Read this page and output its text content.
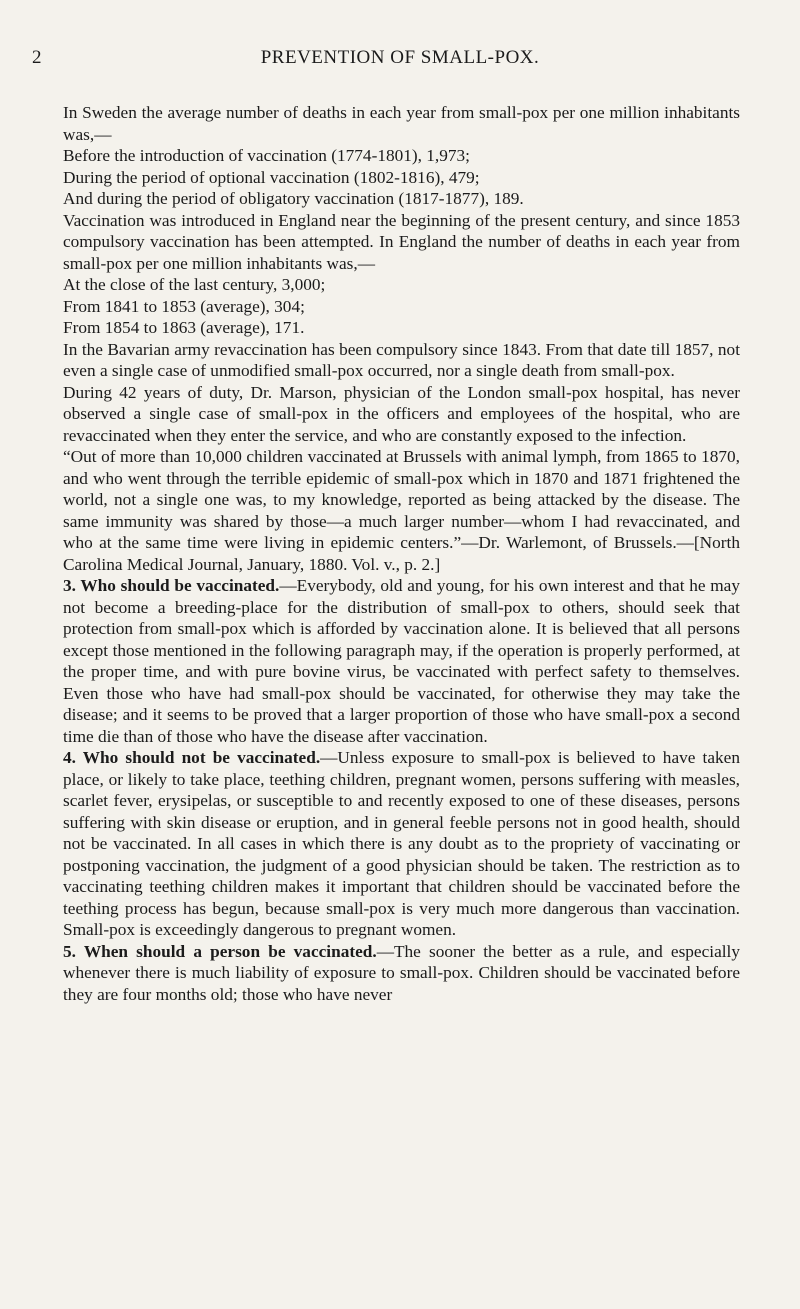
2	PREVENTION OF SMALL-POX.

In Sweden the average number of deaths in each year from small-pox per one million inhabitants was,—

Before the introduction of vaccination (1774-1801), 1,973;

During the period of optional vaccination (1802-1816), 479;

And during the period of obligatory vaccination (1817-1877), 189.

Vaccination was introduced in England near the beginning of the present century, and since 1853 compulsory vaccination has been attempted. In England the number of deaths in each year from small-pox per one million inhabitants was,—

At the close of the last century, 3,000;

From 1841 to 1853 (average), 304;

From 1854 to 1863 (average), 171.

In the Bavarian army revaccination has been compulsory since 1843. From that date till 1857, not even a single case of unmodified small-pox occurred, nor a single death from small-pox.

During 42 years of duty, Dr. Marson, physician of the London small-pox hospital, has never observed a single case of small-pox in the officers and employees of the hospital, who are revaccinated when they enter the service, and who are constantly exposed to the infection.

“Out of more than 10,000 children vaccinated at Brussels with animal lymph, from 1865 to 1870, and who went through the terrible epidemic of small-pox which in 1870 and 1871 frightened the world, not a single one was, to my knowledge, reported as being attacked by the disease. The same immunity was shared by those—a much larger number—whom I had revaccinated, and who at the same time were living in epidemic centers.”—Dr. Warlemont, of Brussels.—[North Carolina Medical Journal, January, 1880. Vol. v., p. 2.]

3. Who should be vaccinated.—Everybody, old and young, for his own interest and that he may not become a breeding-place for the distribution of small-pox to others, should seek that protection from small-pox which is afforded by vaccination alone. It is believed that all persons except those mentioned in the following paragraph may, if the operation is properly performed, at the proper time, and with pure bovine virus, be vaccinated with perfect safety to themselves. Even those who have had small-pox should be vaccinated, for otherwise they may take the disease; and it seems to be proved that a larger proportion of those who have small-pox a second time die than of those who have the disease after vaccination.

4. Who should not be vaccinated.—Unless exposure to small-pox is believed to have taken place, or likely to take place, teething children, pregnant women, persons suffering with measles, scarlet fever, erysipelas, or susceptible to and recently exposed to one of these diseases, persons suffering with skin disease or eruption, and in general feeble persons not in good health, should not be vaccinated. In all cases in which there is any doubt as to the propriety of vaccinating or postponing vaccination, the judgment of a good physician should be taken. The restriction as to vaccinating teething children makes it important that children should be vaccinated before the teething process has begun, because small-pox is very much more dangerous than vaccination. Small-pox is exceedingly dangerous to pregnant women.

5. When should a person be vaccinated.—The sooner the better as a rule, and especially whenever there is much liability of exposure to small-pox. Children should be vaccinated before they are four months old; those who have never
